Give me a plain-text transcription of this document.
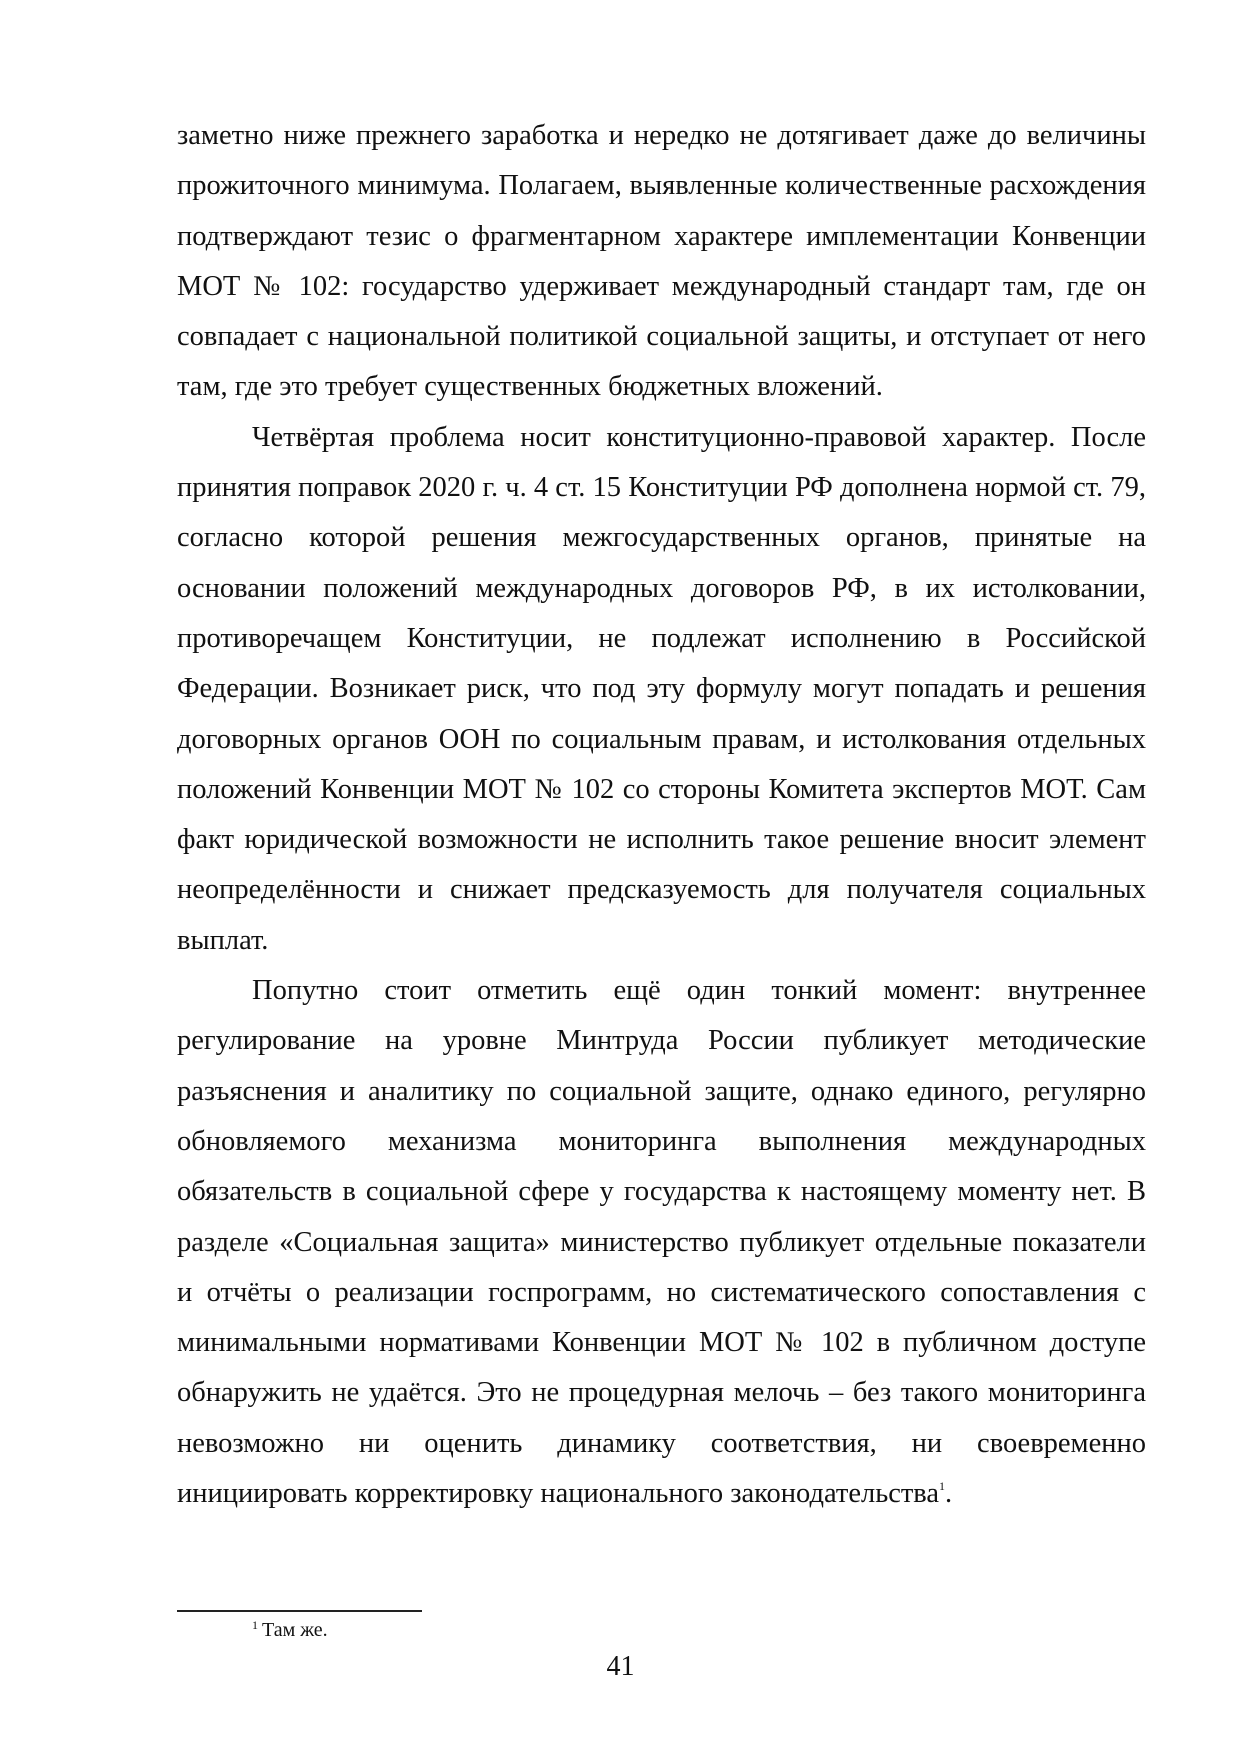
заметно ниже прежнего заработка и нередко не дотягивает даже до величины прожиточного минимума. Полагаем, выявленные количественные расхождения подтверждают тезис о фрагментарном характере имплементации Конвенции МОТ № 102: государство удерживает международный стандарт там, где он совпадает с национальной политикой социальной защиты, и отступает от него там, где это требует существенных бюджетных вложений.

Четвёртая проблема носит конституционно-правовой характер. После принятия поправок 2020 г. ч. 4 ст. 15 Конституции РФ дополнена нормой ст. 79, согласно которой решения межгосударственных органов, принятые на основании положений международных договоров РФ, в их истолковании, противоречащем Конституции, не подлежат исполнению в Российской Федерации. Возникает риск, что под эту формулу могут попадать и решения договорных органов ООН по социальным правам, и истолкования отдельных положений Конвенции МОТ № 102 со стороны Комитета экспертов МОТ. Сам факт юридической возможности не исполнить такое решение вносит элемент неопределённости и снижает предсказуемость для получателя социальных выплат.

Попутно стоит отметить ещё один тонкий момент: внутреннее регулирование на уровне Минтруда России публикует методические разъяснения и аналитику по социальной защите, однако единого, регулярно обновляемого механизма мониторинга выполнения международных обязательств в социальной сфере у государства к настоящему моменту нет. В разделе «Социальная защита» министерство публикует отдельные показатели и отчёты о реализации госпрограмм, но систематического сопоставления с минимальными нормативами Конвенции МОТ № 102 в публичном доступе обнаружить не удаётся. Это не процедурная мелочь – без такого мониторинга невозможно ни оценить динамику соответствия, ни своевременно инициировать корректировку национального законодательства$^1$.

$^1$ Там же.
41
